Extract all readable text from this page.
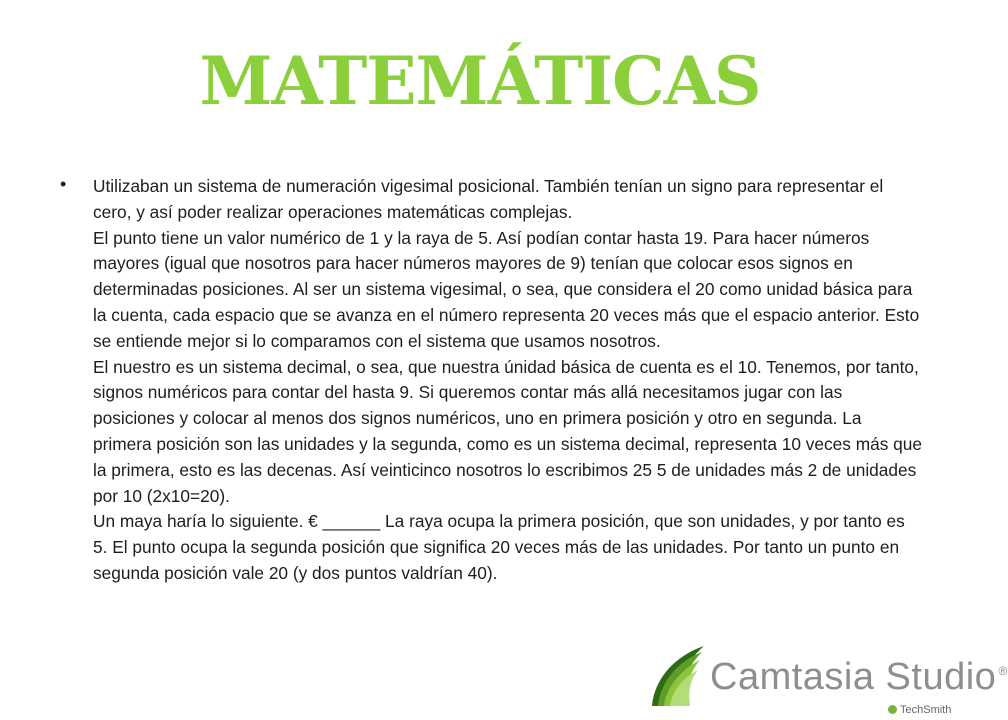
MATEMÁTICAS
• Utilizaban un sistema de numeración vigesimal posicional. También tenían un signo para representar el cero, y así poder realizar operaciones matemáticas complejas.

El punto tiene un valor numérico de 1 y la raya de 5. Así podían contar hasta 19. Para hacer números mayores (igual que nosotros para hacer números mayores de 9) tenían que colocar esos signos en determinadas posiciones. Al ser un sistema vigesimal, o sea, que considera el 20 como unidad básica para la cuenta, cada espacio que se avanza en el número representa 20 veces más que el espacio anterior. Esto se entiende mejor si lo comparamos con el sistema que usamos nosotros.

El nuestro es un sistema decimal, o sea, que nuestra únidad básica de cuenta es el 10. Tenemos, por tanto, signos numéricos para contar del hasta 9. Si queremos contar más allá necesitamos jugar con las posiciones y colocar al menos dos signos numéricos, uno en primera posición y otro en segunda. La primera posición son las unidades y la segunda, como es un sistema decimal, representa 10 veces más que la primera, esto es las decenas. Así veinticinco nosotros lo escribimos 25 5 de unidades más 2 de unidades por 10 (2x10=20).

Un maya haría lo siguiente. € ______ La raya ocupa la primera posición, que son unidades, y por tanto es 5. El punto ocupa la segunda posición que significa 20 veces más de las unidades. Por tanto un punto en segunda posición vale 20 (y dos puntos valdrían 40).

Camtasia Studio ®
TechSmith
